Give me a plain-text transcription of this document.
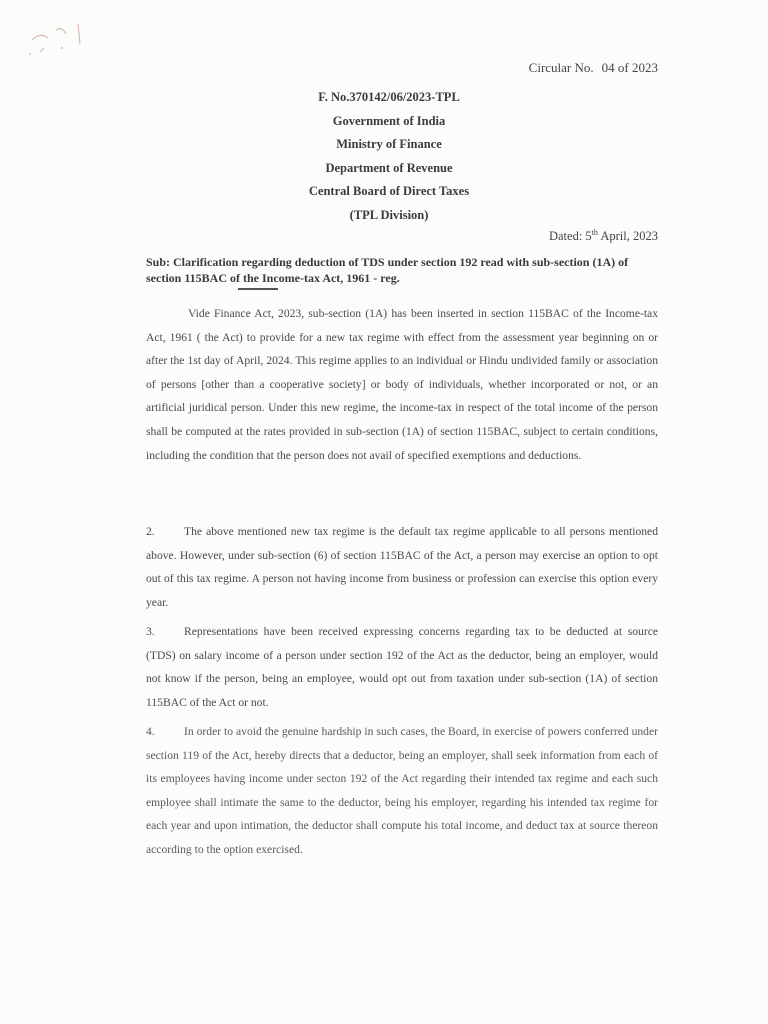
Circular No. 04 of 2023
F. No.370142/06/2023-TPL
Government of India
Ministry of Finance
Department of Revenue
Central Board of Direct Taxes
(TPL Division)
Dated: 5th April, 2023
Sub: Clarification regarding deduction of TDS under section 192 read with sub-section (1A) of section 115BAC of the Income-tax Act, 1961 - reg.
Vide Finance Act, 2023, sub-section (1A) has been inserted in section 115BAC of the Income-tax Act, 1961 ( the Act) to provide for a new tax regime with effect from the assessment year beginning on or after the 1st day of April, 2024. This regime applies to an individual or Hindu undivided family or association of persons [other than a cooperative society] or body of individuals, whether incorporated or not, or an artificial juridical person. Under this new regime, the income-tax in respect of the total income of the person shall be computed at the rates provided in sub-section (1A) of section 115BAC, subject to certain conditions, including the condition that the person does not avail of specified exemptions and deductions.
2.	The above mentioned new tax regime is the default tax regime applicable to all persons mentioned above. However, under sub-section (6) of section 115BAC of the Act, a person may exercise an option to opt out of this tax regime. A person not having income from business or profession can exercise this option every year.
3.	Representations have been received expressing concerns regarding tax to be deducted at source (TDS) on salary income of a person under section 192 of the Act as the deductor, being an employer, would not know if the person, being an employee, would opt out from taxation under sub-section (1A) of section 115BAC of the Act or not.
4.	In order to avoid the genuine hardship in such cases, the Board, in exercise of powers conferred under section 119 of the Act, hereby directs that a deductor, being an employer, shall seek information from each of its employees having income under secton 192 of the Act regarding their intended tax regime and each such employee shall intimate the same to the deductor, being his employer, regarding his intended tax regime for each year and upon intimation, the deductor shall compute his total income, and deduct tax at source thereon according to the option exercised.
